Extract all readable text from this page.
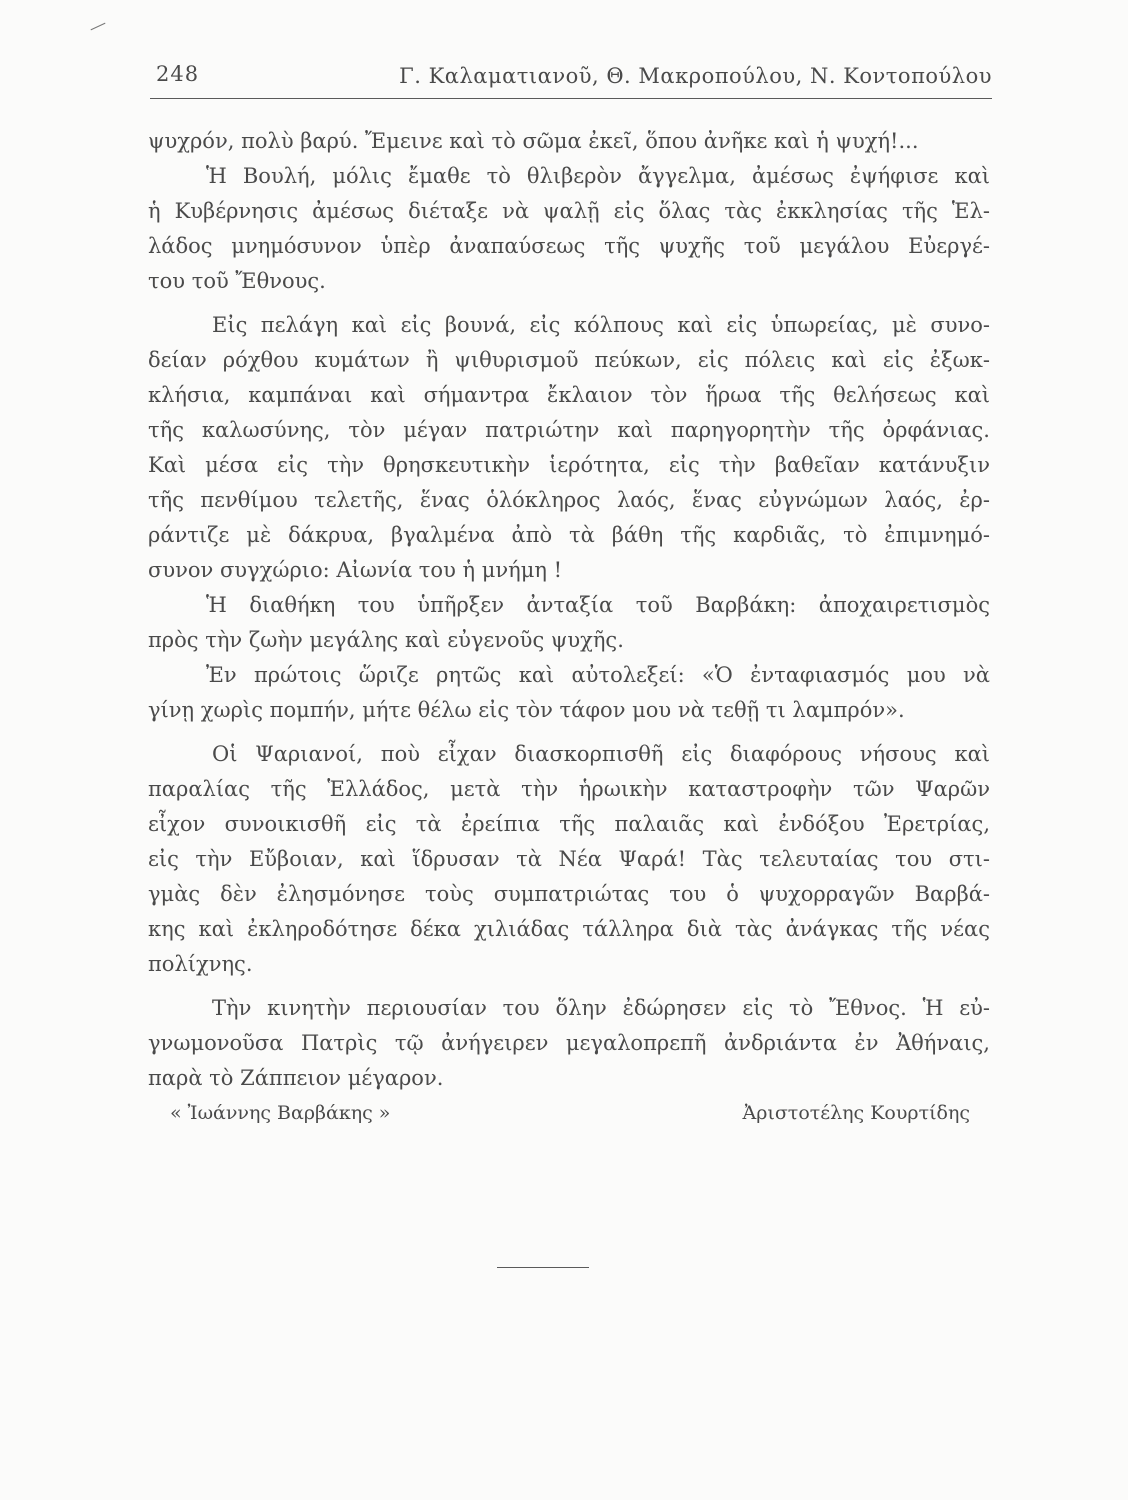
248	Γ. Καλαματιανοῦ, Θ. Μακροπούλου, Ν. Κοντοπούλου
ψυχρόν, πολὺ βαρύ. Ἔμεινε καὶ τὸ σῶμα ἐκεῖ, ὅπου ἀνῆκε καὶ ἡ ψυχή!...
Ἡ Βουλή, μόλις ἔμαθε τὸ θλιβερὸν ἄγγελμα, ἀμέσως ἐψήφισε καὶ
ἡ Κυβέρνησις ἀμέσως διέταξε νὰ ψαλῇ εἰς ὅλας τὰς ἐκκλησίας τῆς Ἑλ-
λάδος μνημόσυνον ὑπὲρ ἀναπαύσεως τῆς ψυχῆς τοῦ μεγάλου Εὐεργέ-
του τοῦ Ἔθνους.
Εἰς πελάγη καὶ εἰς βουνά, εἰς κόλπους καὶ εἰς ὑπωρείας, μὲ συνο-
δείαν ρόχθου κυμάτων ἢ ψιθυρισμοῦ πεύκων, εἰς πόλεις καὶ εἰς ἐξωκ-
κλήσια, καμπάναι καὶ σήμαντρα ἔκλαιον τὸν ἥρωα τῆς θελήσεως καὶ
τῆς καλωσύνης, τὸν μέγαν πατριώτην καὶ παρηγορητὴν τῆς ὀρφάνιας.
Καὶ μέσα εἰς τὴν θρησκευτικὴν ἱερότητα, εἰς τὴν βαθεῖαν κατάνυξιν
τῆς πενθίμου τελετῆς, ἕνας ὁλόκληρος λαός, ἕνας εὐγνώμων λαός, ἐρ-
ράντιζε μὲ δάκρυα, βγαλμένα ἀπὸ τὰ βάθη τῆς καρδιᾶς, τὸ ἐπιμνημό-
συνον συγχώριο: Αἰωνία του ἡ μνήμη !
Ἡ διαθήκη του ὑπῆρξεν ἀνταξία τοῦ Βαρβάκη: ἀποχαιρετισμὸς
πρὸς τὴν ζωὴν μεγάλης καὶ εὐγενοῦς ψυχῆς.
Ἐν πρώτοις ὥριζε ρητῶς καὶ αὐτολεξεί: «Ὁ ἐνταφιασμός μου νὰ
γίνῃ χωρὶς πομπήν, μήτε θέλω εἰς τὸν τάφον μου νὰ τεθῇ τι λαμπρόν».
Οἱ Ψαριανοί, ποὺ εἶχαν διασκορπισθῆ εἰς διαφόρους νήσους καὶ
παραλίας τῆς Ἑλλάδος, μετὰ τὴν ἡρωικὴν καταστροφὴν τῶν Ψαρῶν
εἶχον συνοικισθῆ εἰς τὰ ἐρείπια τῆς παλαιᾶς καὶ ἐνδόξου Ἐρετρίας,
εἰς τὴν Εὔβοιαν, καὶ ἵδρυσαν τὰ Νέα Ψαρά! Τὰς τελευταίας του στι-
γμὰς δὲν ἐλησμόνησε τοὺς συμπατριώτας του ὁ ψυχορραγῶν Βαρβά-
κης καὶ ἐκληροδότησε δέκα χιλιάδας τάλληρα διὰ τὰς ἀνάγκας τῆς νέας
πολίχνης.
Τὴν κινητὴν περιουσίαν του ὅλην ἐδώρησεν εἰς τὸ Ἔθνος. Ἡ εὐ-
γνωμονοῦσα Πατρὶς τῷ ἀνήγειρεν μεγαλοπρεπῆ ἀνδριάντα ἐν Ἀθήναις,
παρὰ τὸ Ζάππειον μέγαρον.
« Ἰωάννης Βαρβάκης »	Ἀριστοτέλης Κουρτίδης
